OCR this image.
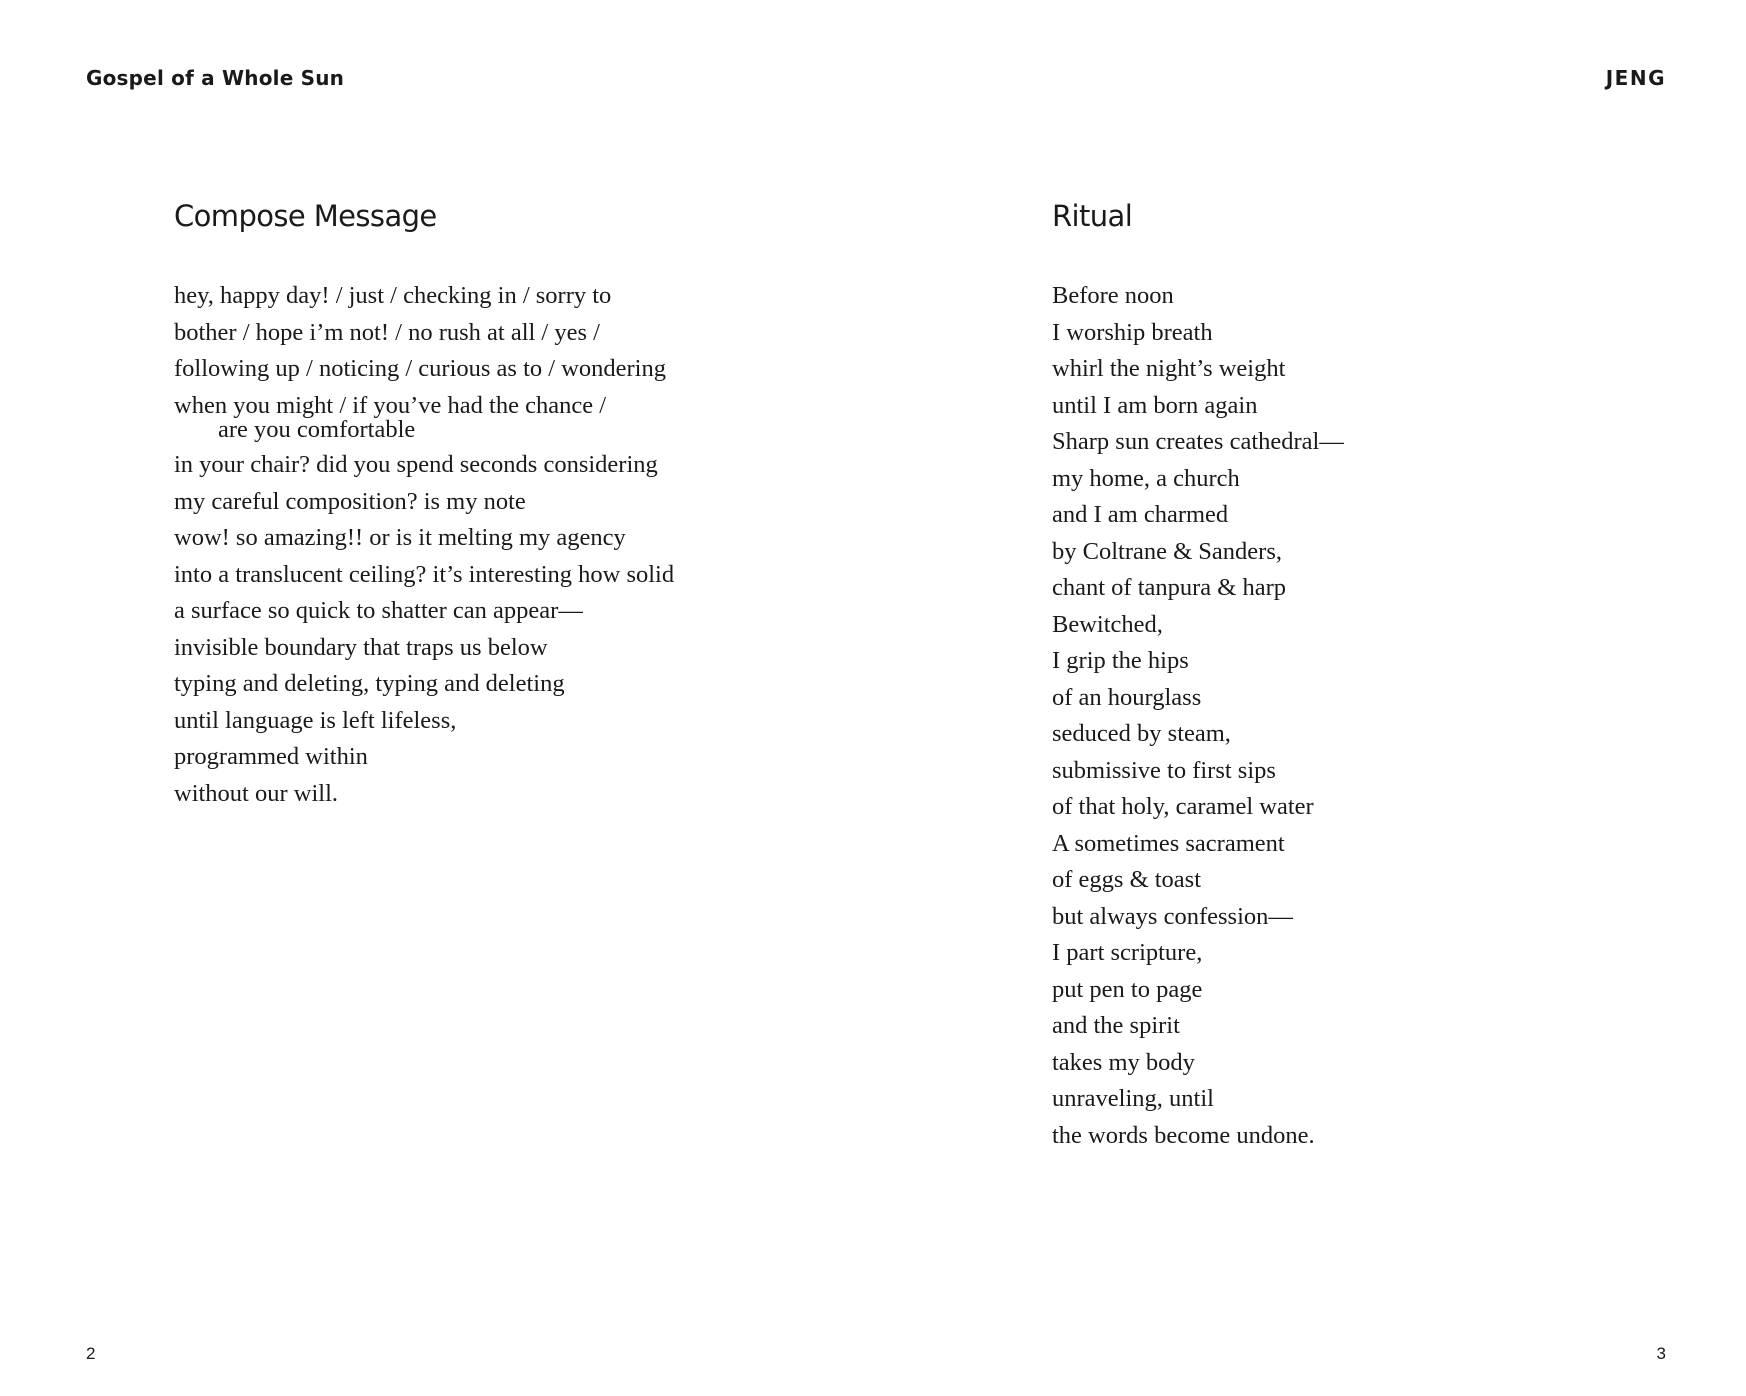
Gospel of a Whole Sun	JENG
Compose Message
hey, happy day! / just / checking in / sorry to
bother / hope i’m not! / no rush at all / yes /
following up / noticing / curious as to / wondering
when you might / if you’ve had the chance /
are you comfortable
in your chair? did you spend seconds considering
my careful composition? is my note
wow! so amazing!! or is it melting my agency
into a translucent ceiling? it’s interesting how solid
a surface so quick to shatter can appear—
invisible boundary that traps us below
typing and deleting, typing and deleting
until language is left lifeless,
programmed within
without our will.
Ritual
Before noon
I worship breath
whirl the night’s weight
until I am born again
Sharp sun creates cathedral—
my home, a church
and I am charmed
by Coltrane & Sanders,
chant of tanpura & harp
Bewitched,
I grip the hips
of an hourglass
seduced by steam,
submissive to first sips
of that holy, caramel water
A sometimes sacrament
of eggs & toast
but always confession—
I part scripture,
put pen to page
and the spirit
takes my body
unraveling, until
the words become undone.
2	3
